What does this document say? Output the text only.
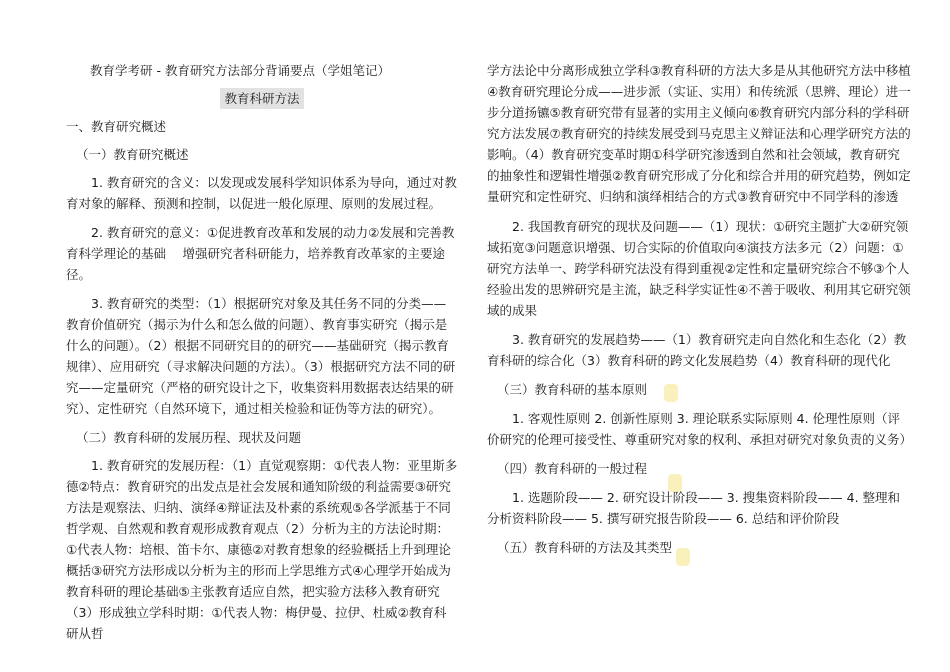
教育学考研 - 教育研究方法部分背诵要点（学姐笔记）

教育科研方法

一、教育研究概述

（一）教育研究概述

1. 教育研究的含义：以发现或发展科学知识体系为导向，通过对教育对象的解释、预测和控制，以促进一般化原理、原则的发展过程。

2. 教育研究的意义：①促进教育改革和发展的动力②发展和完善教育科学理论的基础　 增强研究者科研能力，培养教育改革家的主要途径。

3. 教育研究的类型：（1）根据研究对象及其任务不同的分类——教育价值研究（揭示为什么和怎么做的问题）、教育事实研究（揭示是什么的问题）。（2）根据不同研究目的的研究——基础研究（揭示教育规律）、应用研究（寻求解决问题的方法）。（3）根据研究方法不同的研究——定量研究（严格的研究设计之下，收集资料用数据表达结果的研究）、定性研究（自然环境下，通过相关检验和证伪等方法的研究）。

（二）教育科研的发展历程、现状及问题

1. 教育研究的发展历程：（1）直觉观察期：①代表人物：亚里斯多德②特点：教育研究的出发点是社会发展和通知阶级的利益需要③研究方法是观察法、归纳、演绎④辩证法及朴素的系统观⑤各学派基于不同哲学观、自然观和教育观形成教育观点（2）分析为主的方法论时期：①代表人物：培根、笛卡尔、康德②对教育想象的经验概括上升到理论概括③研究方法形成以分析为主的形而上学思维方式④心理学开始成为教育科研的理论基础⑤主张教育适应自然，把实验方法移入教育研究（3）形成独立学科时期：①代表人物：梅伊曼、拉伊、杜威②教育科研从哲

学方法论中分离形成独立学科③教育科研的方法大多是从其他研究方法中移植④教育研究理论分成——进步派（实证、实用）和传统派（思辨、理论）进一步分道扬镳⑤教育研究带有显著的实用主义倾向⑥教育研究内部分科的学科研究方法发展⑦教育研究的持续发展受到马克思主义辩证法和心理学研究方法的影响。（4）教育研究变革时期①科学研究渗透到自然和社会领域，教育研究的抽象性和逻辑性增强②教育研究形成了分化和综合并用的研究趋势，例如定量研究和定性研究、归纳和演绎相结合的方式③教育研究中不同学科的渗透

2. 我国教育研究的现状及问题——（1）现状：①研究主题扩大②研究领域拓宽③问题意识增强、切合实际的价值取向④演技方法多元（2）问题：①研究方法单一、跨学科研究法没有得到重视②定性和定量研究综合不够③个人经验出发的思辨研究是主流，缺乏科学实证性④不善于吸收、利用其它研究领域的成果

3. 教育研究的发展趋势——（1）教育研究走向自然化和生态化（2）教育科研的综合化（3）教育科研的跨文化发展趋势（4）教育科研的现代化

（三）教育科研的基本原则

1. 客观性原则 2. 创新性原则 3. 理论联系实际原则 4. 伦理性原则（评价研究的伦理可接受性、尊重研究对象的权利、承担对研究对象负责的义务）

（四）教育科研的一般过程

1. 选题阶段—— 2. 研究设计阶段—— 3. 搜集资料阶段—— 4. 整理和分析资料阶段—— 5. 撰写研究报告阶段—— 6. 总结和评价阶段

（五）教育科研的方法及其类型
